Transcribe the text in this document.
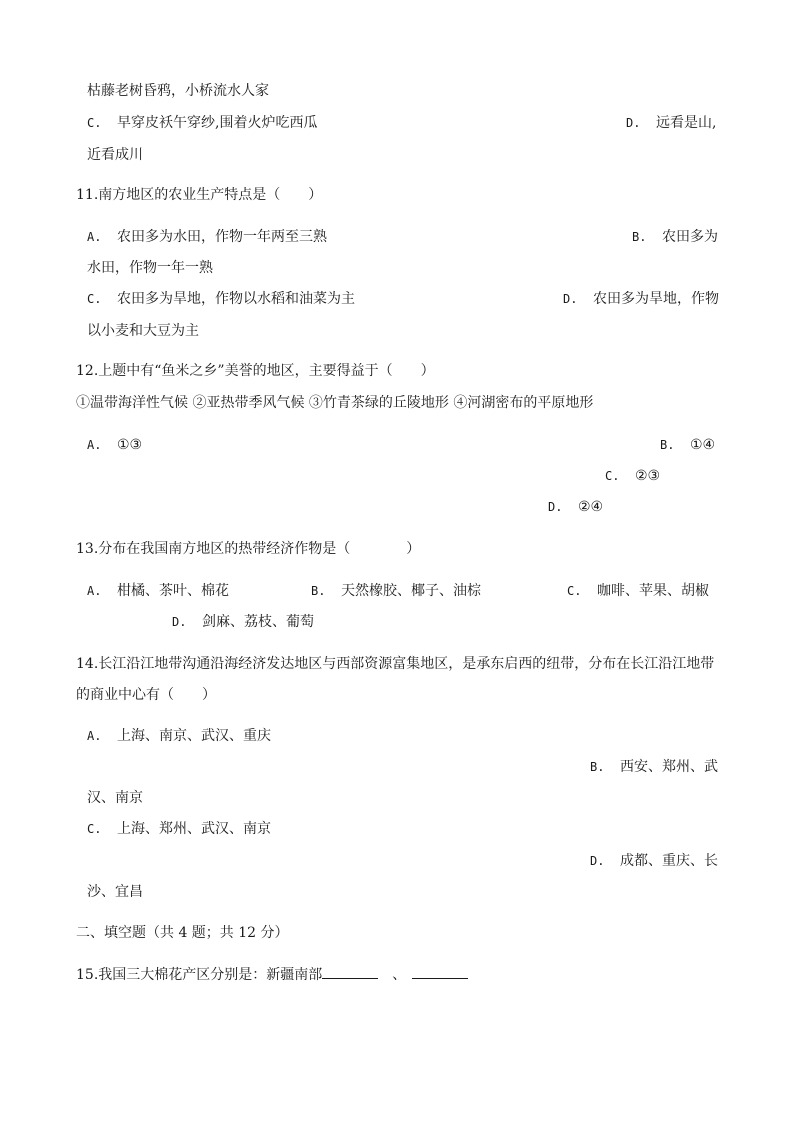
枯藤老树昏鸦，小桥流水人家
C. 早穿皮袄午穿纱,围着火炉吃西瓜	D. 远看是山,
近看成川
11.南方地区的农业生产特点是（　　）
A. 农田多为水田，作物一年两至三熟	B. 农田多为
水田，作物一年一熟
C. 农田多为旱地，作物以水稻和油菜为主	D. 农田多为旱地，作物
以小麦和大豆为主
12.上题中有“鱼米之乡”美誉的地区，主要得益于（　　）
①温带海洋性气候 ②亚热带季风气候 ③竹青茶绿的丘陵地形 ④河湖密布的平原地形
A. ①③	B. ①④
C. ②③
D. ②④
13.分布在我国南方地区的热带经济作物是（　　　　）
A. 柑橘、茶叶、棉花	B. 天然橡胶、椰子、油棕	C. 咖啡、苹果、胡椒
D. 剑麻、荔枝、葡萄
14.长江沿江地带沟通沿海经济发达地区与西部资源富集地区，是承东启西的纽带，分布在长江沿江地带
的商业中心有（　　）
A. 上海、南京、武汉、重庆
B. 西安、郑州、武
汉、南京
C. 上海、郑州、武汉、南京
D. 成都、重庆、长
沙、宜昌
二、填空题（共 4 题；共 12 分）
15.我国三大棉花产区分别是：新疆南部	、
